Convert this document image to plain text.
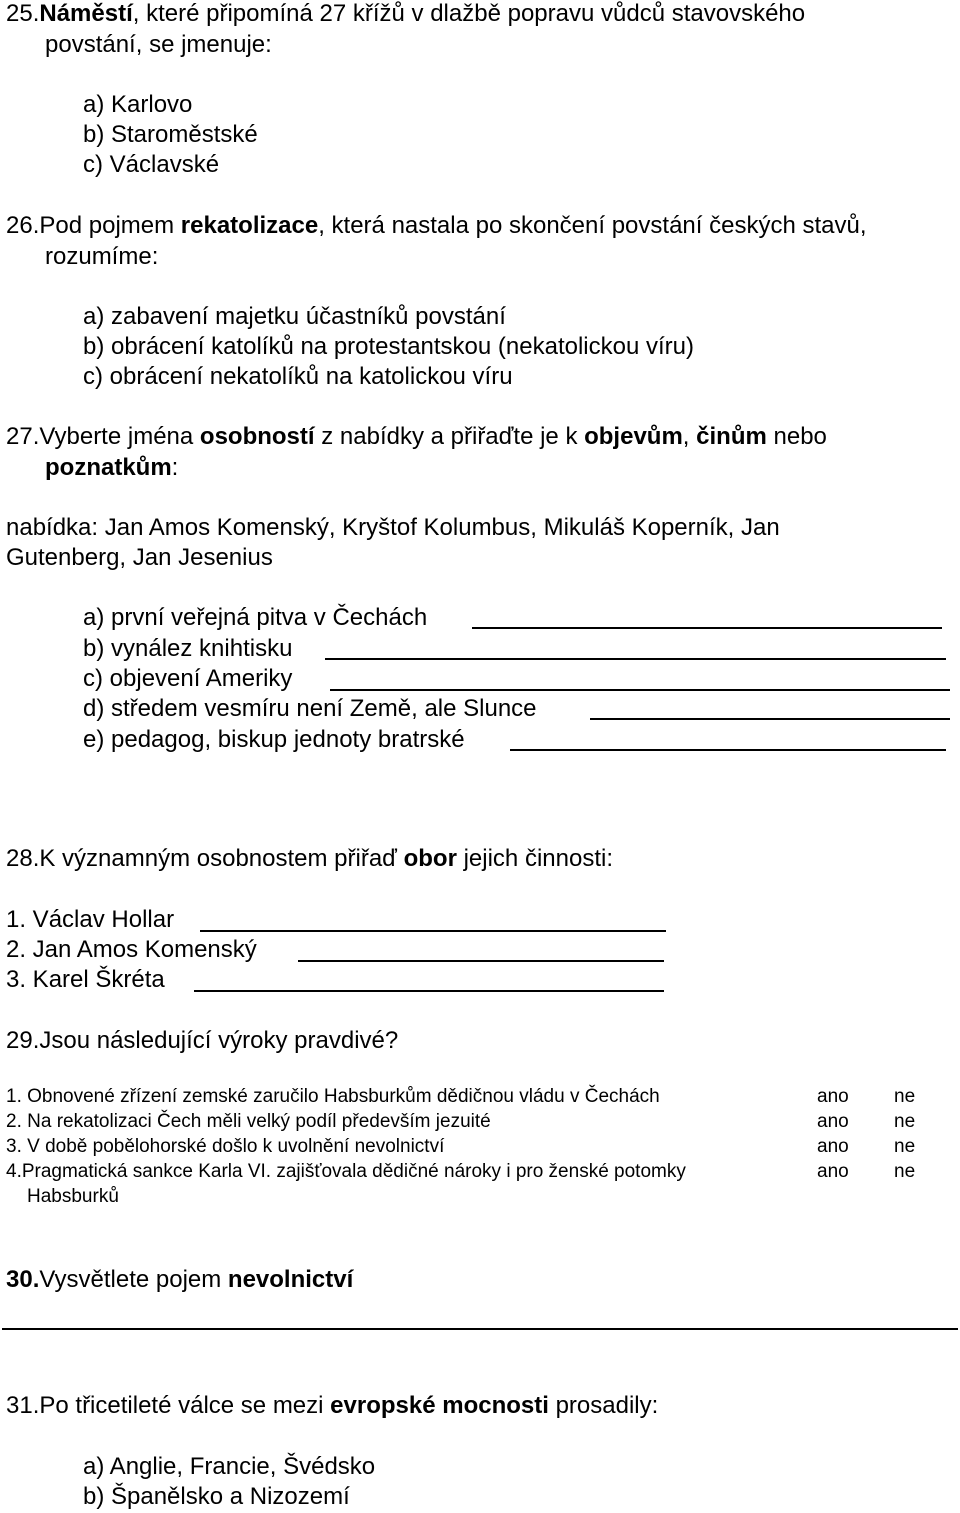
25.Náměstí, které připomíná 27 křížů v dlažbě popravu vůdců stavovského
povstání, se jmenuje:
a) Karlovo
b) Staroměstské
c) Václavské
26.Pod pojmem rekatolizace, která nastala po skončení povstání českých stavů,
rozumíme:
a) zabavení majetku účastníků povstání
b) obrácení katolíků na protestantskou (nekatolickou víru)
c) obrácení nekatolíků na katolickou víru
27.Vyberte jména osobností z nabídky a přiřaďte je k objevům, činům nebo
poznatkům:
nabídka: Jan Amos Komenský, Kryštof Kolumbus, Mikuláš Koperník, Jan
Gutenberg, Jan Jesenius
a) první veřejná pitva v Čechách
b) vynález knihtisku
c) objevení Ameriky
d) středem vesmíru není Země, ale Slunce
e) pedagog, biskup jednoty bratrské
28.K významným osobnostem přiřaď obor jejich činnosti:
1. Václav Hollar
2. Jan Amos Komenský
3. Karel Škréta
29.Jsou následující výroky pravdivé?
1. Obnovené zřízení zemské zaručilo Habsburkům dědičnou vládu v Čechách	ano ne
2. Na rekatolizaci Čech měli velký podíl především jezuité	ano ne
3. V době pobělohorské došlo k uvolnění nevolnictví	ano ne
4.Pragmatická sankce Karla VI. zajišťovala dědičné nároky i pro ženské potomky	ano ne
Habsburků
30.Vysvětlete pojem nevolnictví
31.Po třicetileté válce se mezi evropské mocnosti prosadily:
a) Anglie, Francie, Švédsko
b) Španělsko a Nizozemí
